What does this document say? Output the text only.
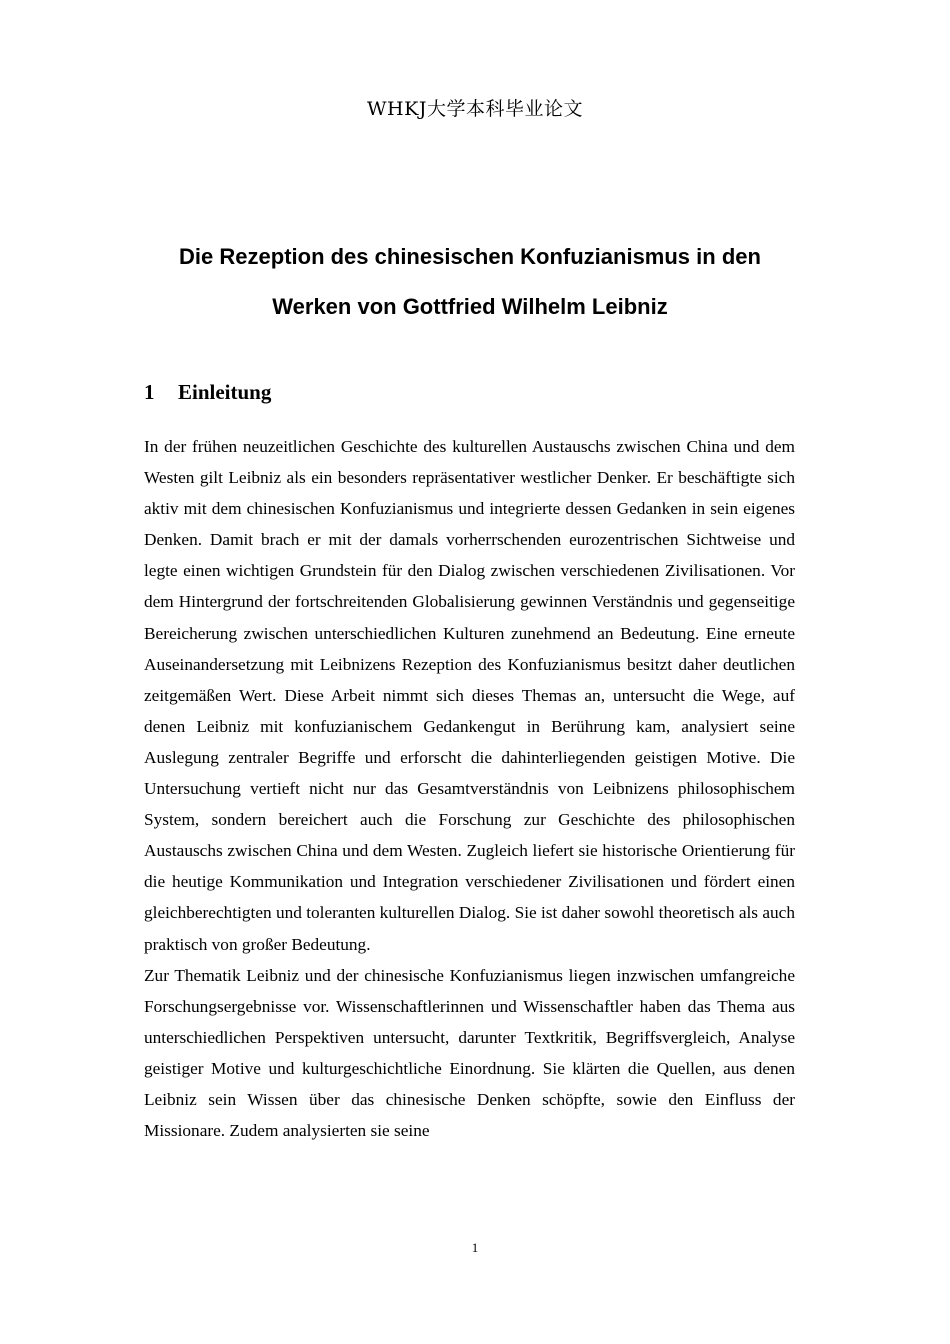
WHKJ大学本科毕业论文
Die Rezeption des chinesischen Konfuzianismus in den
Werken von Gottfried Wilhelm Leibniz
1 Einleitung

In der frühen neuzeitlichen Geschichte des kulturellen Austauschs zwischen China und dem Westen gilt Leibniz als ein besonders repräsentativer westlicher Denker. Er beschäftigte sich aktiv mit dem chinesischen Konfuzianismus und integrierte dessen Gedanken in sein eigenes Denken. Damit brach er mit der damals vorherrschenden eurozentrischen Sichtweise und legte einen wichtigen Grundstein für den Dialog zwischen verschiedenen Zivilisationen. Vor dem Hintergrund der fortschreitenden Globalisierung gewinnen Verständnis und gegenseitige Bereicherung zwischen unterschiedlichen Kulturen zunehmend an Bedeutung. Eine erneute Auseinandersetzung mit Leibnizens Rezeption des Konfuzianismus besitzt daher deutlichen zeitgemäßen Wert. Diese Arbeit nimmt sich dieses Themas an, untersucht die Wege, auf denen Leibniz mit konfuzianischem Gedankengut in Berührung kam, analysiert seine Auslegung zentraler Begriffe und erforscht die dahinterliegenden geistigen Motive. Die Untersuchung vertieft nicht nur das Gesamtverständnis von Leibnizens philosophischem System, sondern bereichert auch die Forschung zur Geschichte des philosophischen Austauschs zwischen China und dem Westen. Zugleich liefert sie historische Orientierung für die heutige Kommunikation und Integration verschiedener Zivilisationen und fördert einen gleichberechtigten und toleranten kulturellen Dialog. Sie ist daher sowohl theoretisch als auch praktisch von großer Bedeutung.

Zur Thematik Leibniz und der chinesische Konfuzianismus liegen inzwischen umfangreiche Forschungsergebnisse vor. Wissenschaftlerinnen und Wissenschaftler haben das Thema aus unterschiedlichen Perspektiven untersucht, darunter Textkritik, Begriffsvergleich, Analyse geistiger Motive und kulturgeschichtliche Einordnung. Sie klärten die Quellen, aus denen Leibniz sein Wissen über das chinesische Denken schöpfte, sowie den Einfluss der Missionare. Zudem analysierten sie seine

1
